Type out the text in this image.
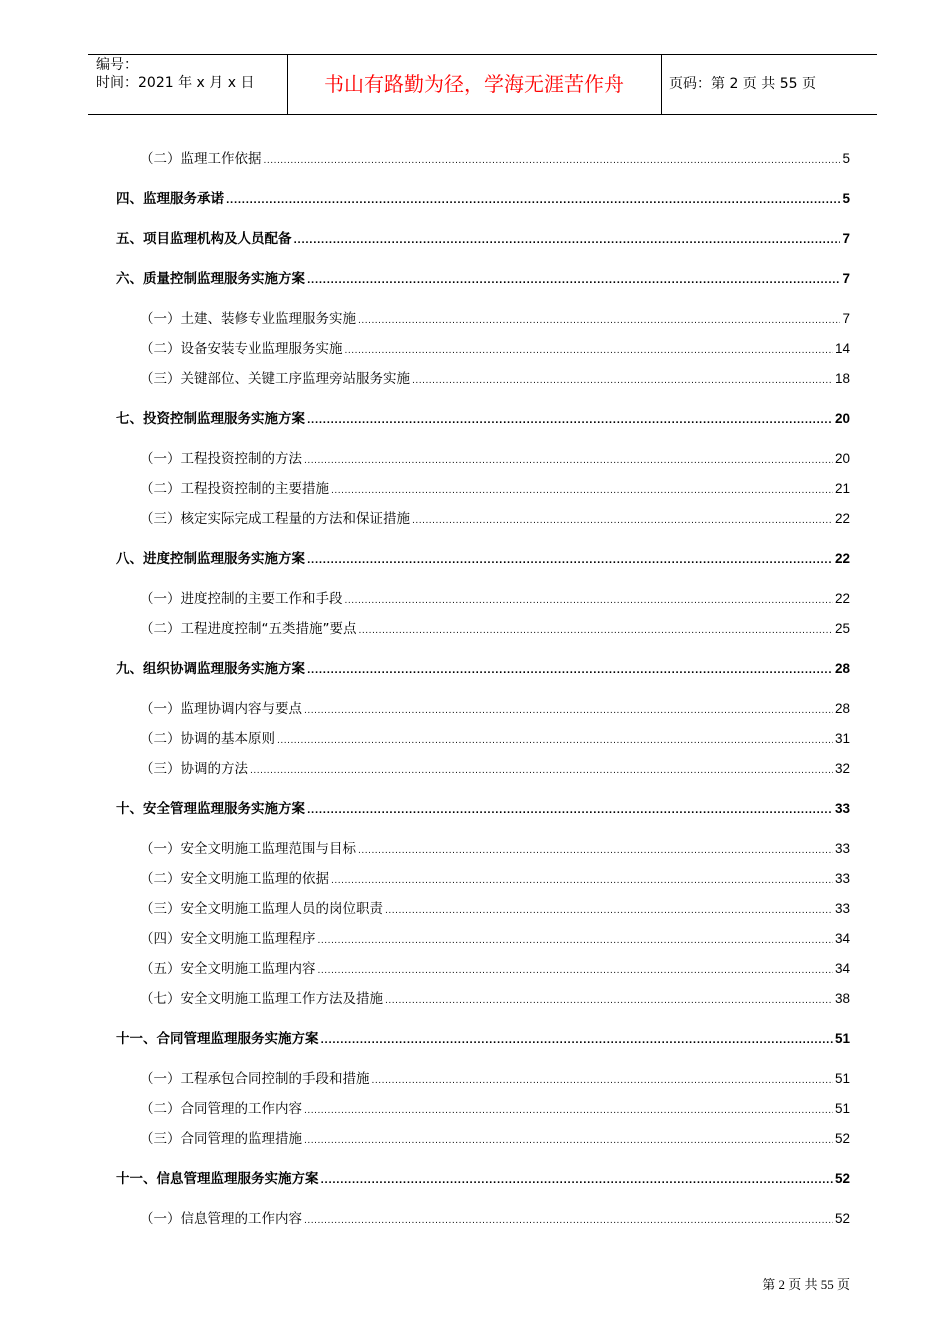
编号：
时间：2021 年 x 月 x 日	书山有路勤为径，学海无涯苦作舟	页码：第 2 页 共 55 页
（二）监理工作依据 .....	5
四、监理服务承诺 .....	5
五、项目监理机构及人员配备 .....	7
六、质量控制监理服务实施方案 .....	7
（一）土建、装修专业监理服务实施 .....	7
（二）设备安装专业监理服务实施 .....	14
（三）关键部位、关键工序监理旁站服务实施 .....	18
七、投资控制监理服务实施方案 .....	20
（一）工程投资控制的方法 .....	20
（二）工程投资控制的主要措施 .....	21
（三）核定实际完成工程量的方法和保证措施 .....	22
八、进度控制监理服务实施方案 .....	22
（一）进度控制的主要工作和手段 .....	22
（二）工程进度控制“五类措施”要点 .....	25
九、组织协调监理服务实施方案 .....	28
（一）监理协调内容与要点 .....	28
（二）协调的基本原则 .....	31
（三）协调的方法 .....	32
十、安全管理监理服务实施方案 .....	33
（一）安全文明施工监理范围与目标 .....	33
（二）安全文明施工监理的依据 .....	33
（三）安全文明施工监理人员的岗位职责 .....	33
（四）安全文明施工监理程序 .....	34
（五）安全文明施工监理内容 .....	34
（七）安全文明施工监理工作方法及措施 .....	38
十一、合同管理监理服务实施方案 .....	51
（一）工程承包合同控制的手段和措施 .....	51
（二）合同管理的工作内容 .....	51
（三）合同管理的监理措施 .....	52
十一、信息管理监理服务实施方案 .....	52
（一）信息管理的工作内容 .....	52
第 2 页 共 55 页
